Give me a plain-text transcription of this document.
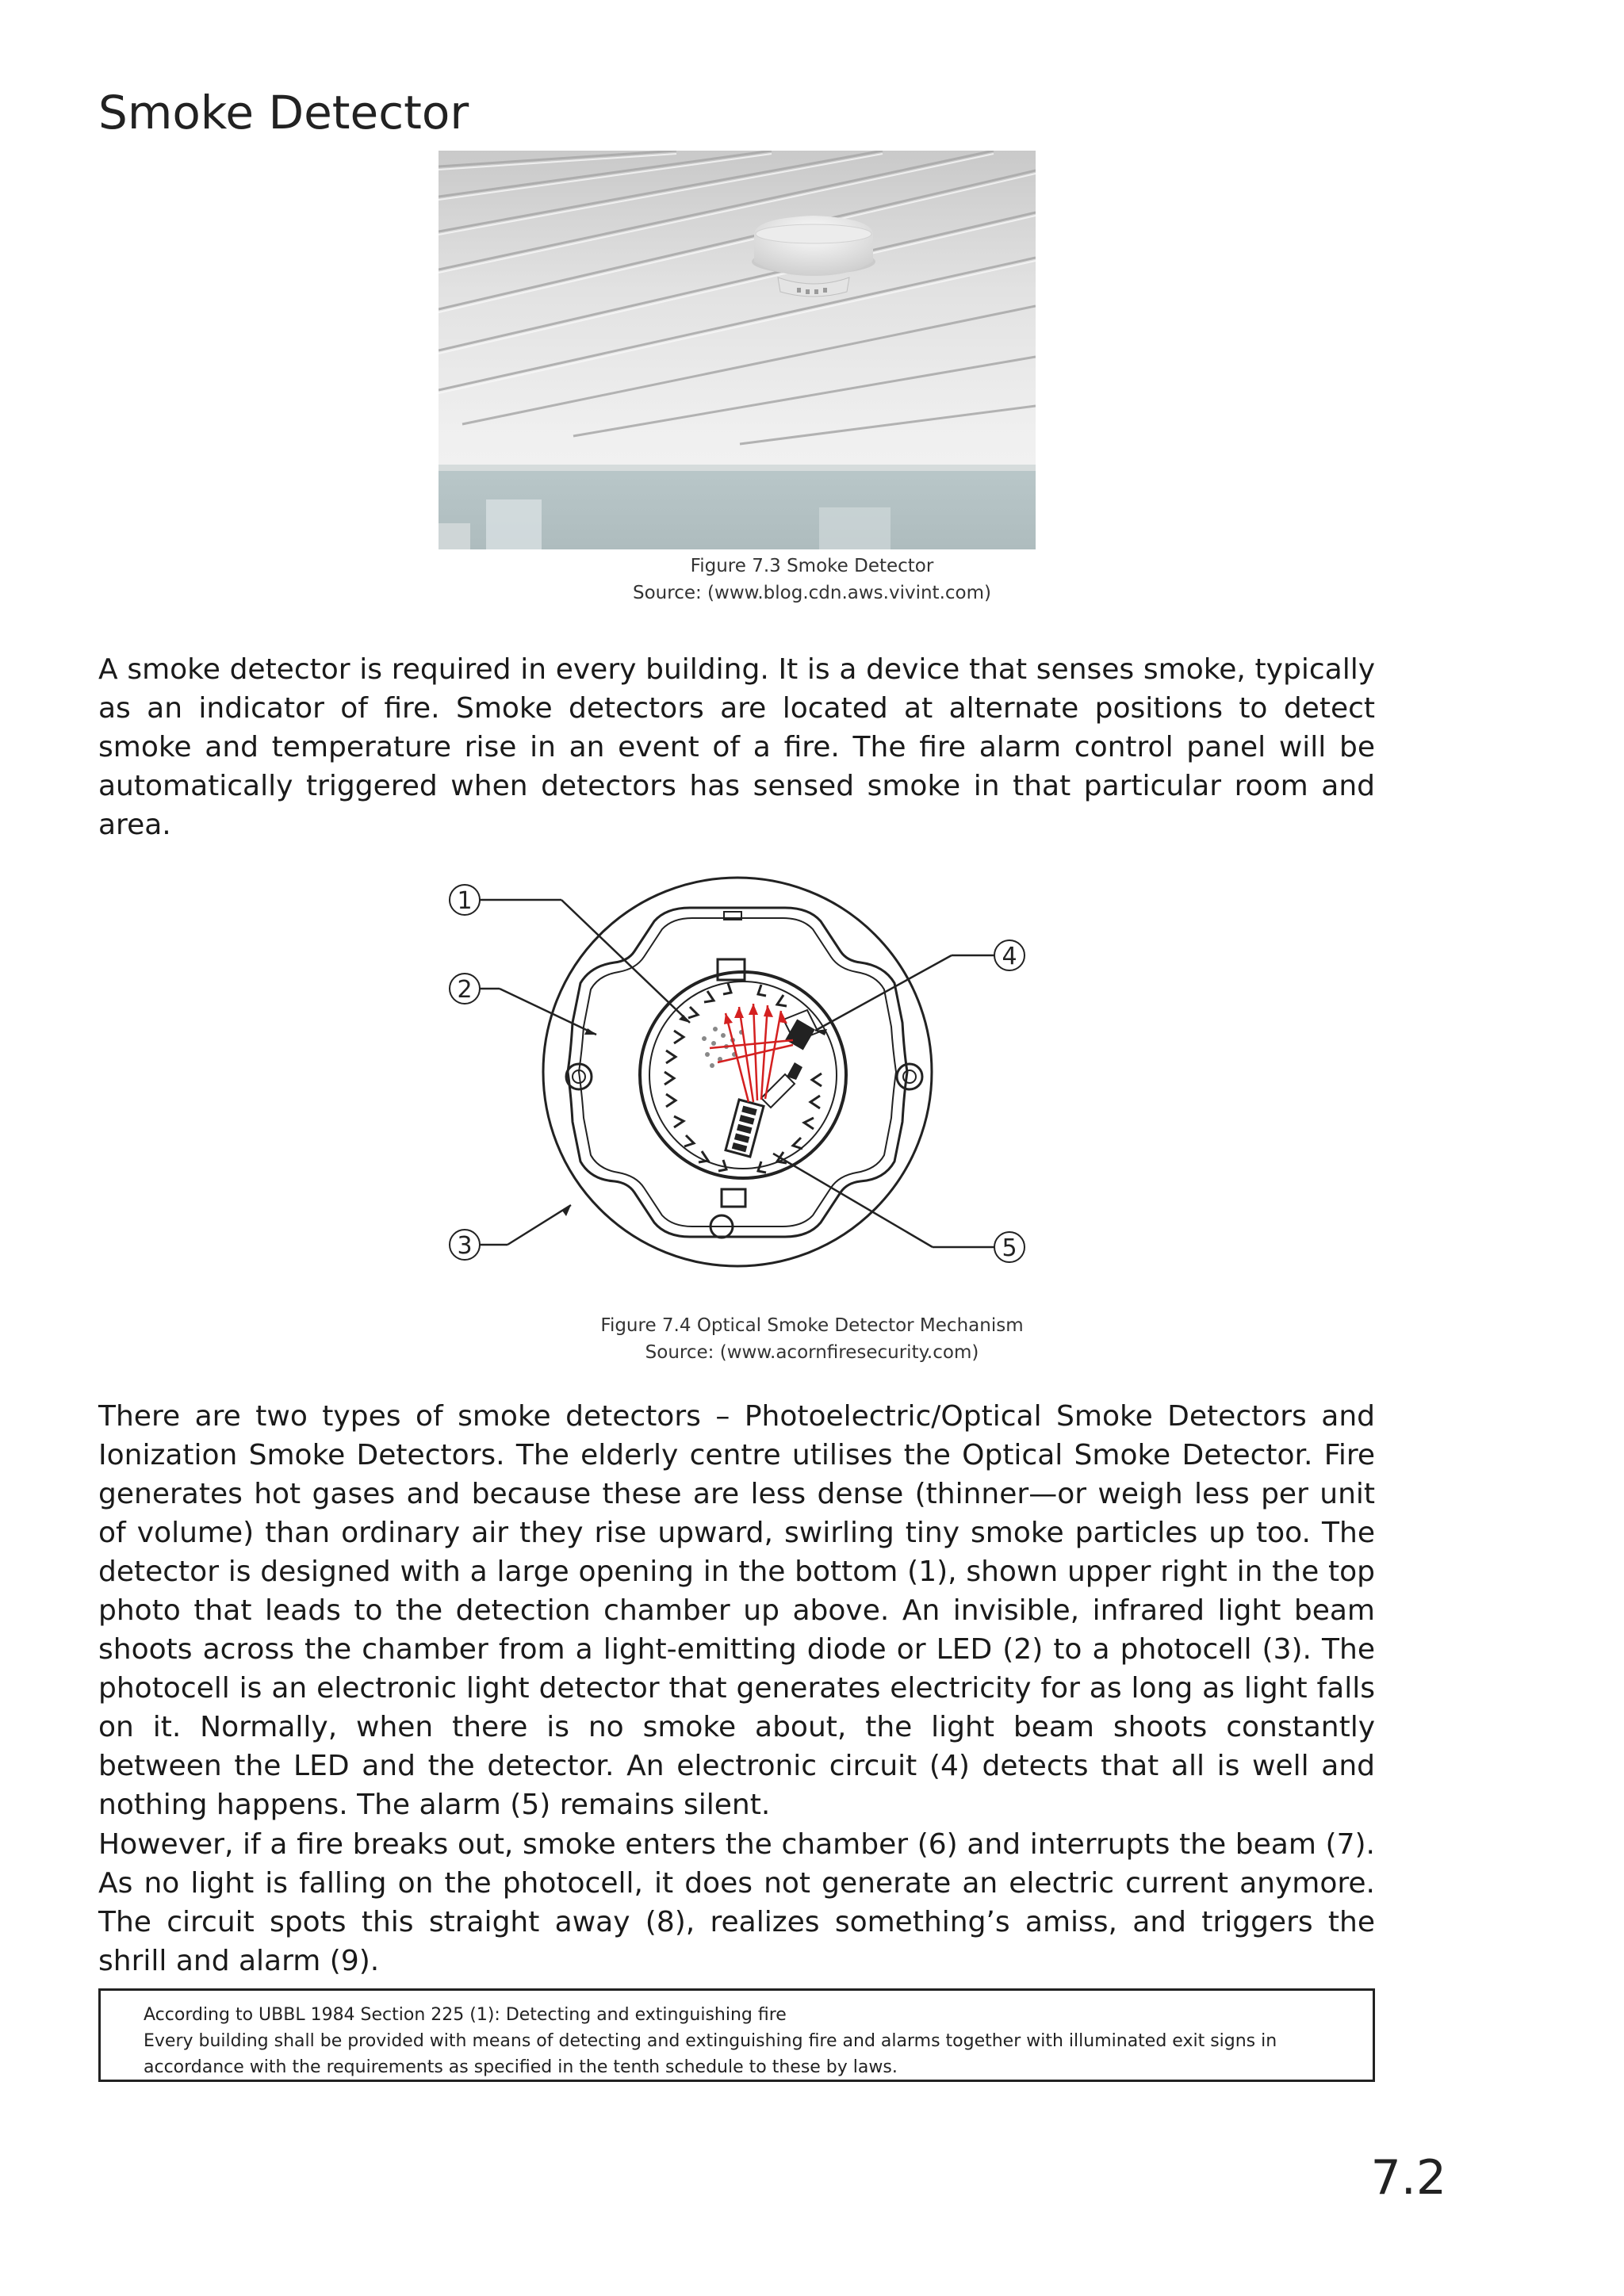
Smoke Detector
Figure 7.3 Smoke Detector
Source: (www.blog.cdn.aws.vivint.com)

A smoke detector is required in every building. It is a device that senses smoke, typically as an indicator of fire. Smoke detectors are located at alternate positions to detect smoke and temperature rise in an event of a fire. The fire alarm control panel will be automatically triggered when detectors has sensed smoke in that particular room and area.

1
2
3
4
5
Figure 7.4 Optical Smoke Detector Mechanism
Source: (www.acornfiresecurity.com)

There are two types of smoke detectors – Photoelectric/Optical Smoke Detectors and Ionization Smoke Detectors. The elderly centre utilises the Optical Smoke Detector. Fire generates hot gases and because these are less dense (thinner—or weigh less per unit of volume) than ordinary air they rise upward, swirling tiny smoke particles up too. The detector is designed with a large opening in the bottom (1), shown upper right in the top photo that leads to the detection chamber up above. An invisible, infrared light beam shoots across the chamber from a light-emitting diode or LED (2) to a photocell (3). The photocell is an electronic light detector that generates electricity for as long as light falls on it. Normally, when there is no smoke about, the light beam shoots constantly between the LED and the detector. An electronic circuit (4) detects that all is well and nothing happens. The alarm (5) remains silent.

However, if a fire breaks out, smoke enters the chamber (6) and interrupts the beam (7). As no light is falling on the photocell, it does not generate an electric current anymore. The circuit spots this straight away (8), realizes something’s amiss, and triggers the shrill and alarm (9).

According to UBBL 1984 Section 225 (1): Detecting and extinguishing fire

Every building shall be provided with means of detecting and extinguishing fire and alarms together with illuminated exit signs in accordance with the requirements as specified in the tenth schedule to these by laws.

7.2
